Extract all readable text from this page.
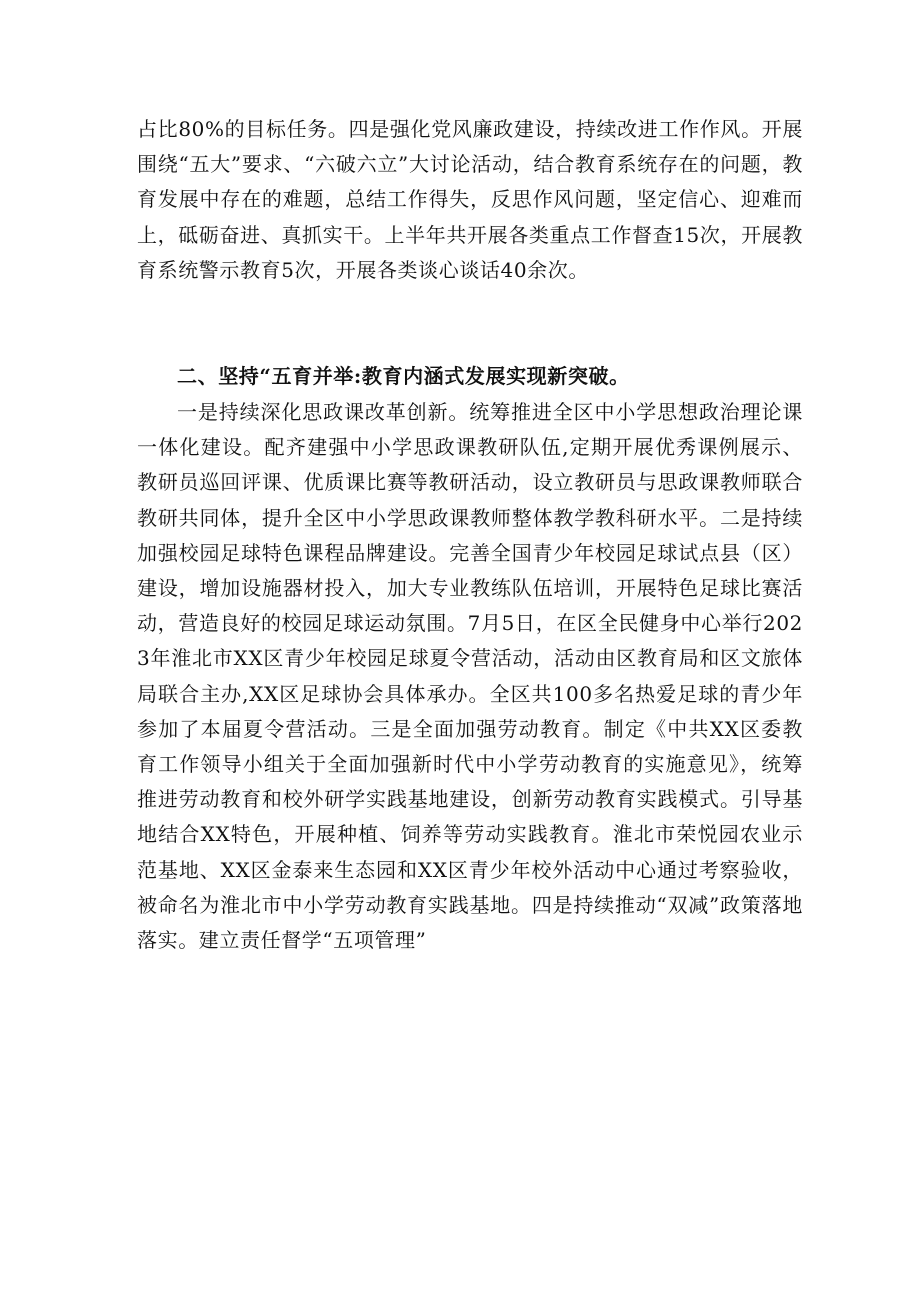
占比80%的目标任务。四是强化党风廉政建设，持续改进工作作风。开展围绕“五大”要求、“六破六立”大讨论活动，结合教育系统存在的问题，教育发展中存在的难题，总结工作得失，反思作风问题，坚定信心、迎难而上，砥砺奋进、真抓实干。上半年共开展各类重点工作督查15次，开展教育系统警示教育5次，开展各类谈心谈话40余次。

二、坚持“五育并举:教育内涵式发展实现新突破。

一是持续深化思政课改革创新。统筹推进全区中小学思想政治理论课一体化建设。配齐建强中小学思政课教研队伍,定期开展优秀课例展示、教研员巡回评课、优质课比赛等教研活动，设立教研员与思政课教师联合教研共同体，提升全区中小学思政课教师整体教学教科研水平。二是持续加强校园足球特色课程品牌建设。完善全国青少年校园足球试点县（区）建设，增加设施器材投入，加大专业教练队伍培训，开展特色足球比赛活动，营造良好的校园足球运动氛围。7月5日，在区全民健身中心举行2023年淮北市XX区青少年校园足球夏令营活动，活动由区教育局和区文旅体局联合主办,XX区足球协会具体承办。全区共100多名热爱足球的青少年参加了本届夏令营活动。三是全面加强劳动教育。制定《中共XX区委教育工作领导小组关于全面加强新时代中小学劳动教育的实施意见》，统筹推进劳动教育和校外研学实践基地建设，创新劳动教育实践模式。引导基地结合XX特色，开展种植、饲养等劳动实践教育。淮北市荣悦园农业示范基地、XX区金泰来生态园和XX区青少年校外活动中心通过考察验收，被命名为淮北市中小学劳动教育实践基地。四是持续推动“双减”政策落地落实。建立责任督学“五项管理”
